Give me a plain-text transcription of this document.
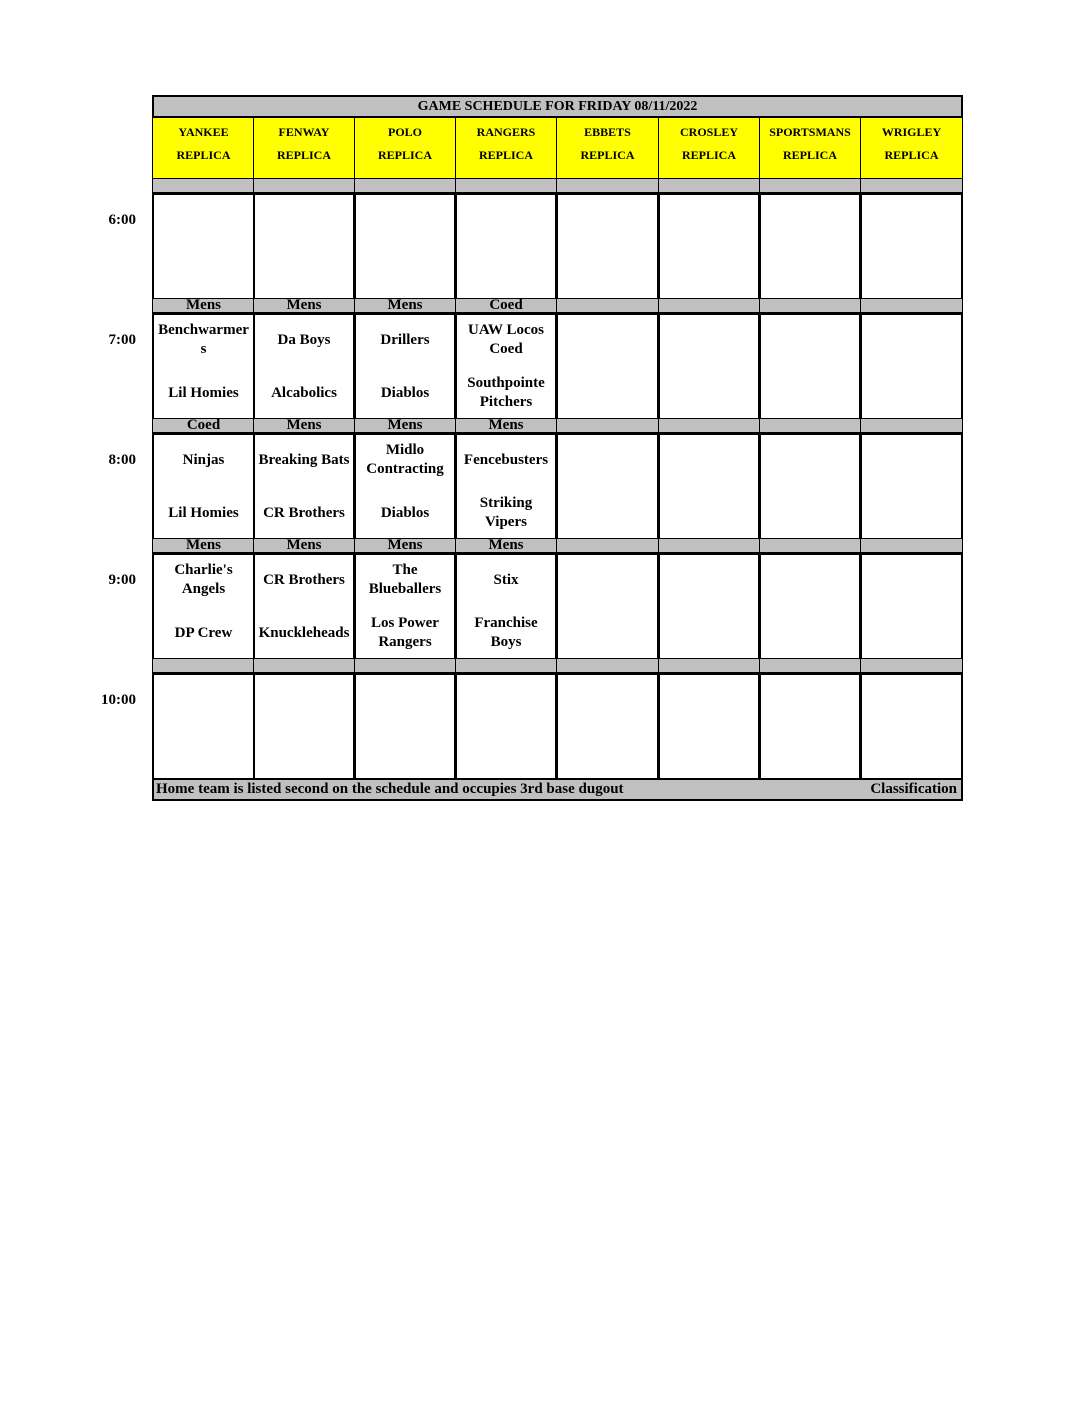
GAME SCHEDULE FOR FRIDAY 08/11/2022
Home team is listed second on the schedule and occupies 3rd base dugout	Classification
YANKEE
REPLICA
FENWAY
REPLICA
POLO
REPLICA
RANGERS
REPLICA
EBBETS
REPLICA
CROSLEY
REPLICA
SPORTSMANS
REPLICA
WRIGLEY
REPLICA
Mens
Benchwarmer
s
Lil Homies
Mens
Da Boys
Alcabolics
Mens
Drillers
Diablos
Coed
UAW Locos
Coed
Southpointe
Pitchers
Coed
Ninjas
Lil Homies
Mens
Breaking Bats
CR Brothers
Mens
Midlo
Contracting
Diablos
Mens
Fencebusters
Striking
Vipers
Mens
Charlie's
Angels
DP Crew
Mens
CR Brothers
Knuckleheads
Mens
The
Blueballers
Los Power
Rangers
Mens
Stix
Franchise
Boys
6:00
7:00
8:00
9:00
10:00
